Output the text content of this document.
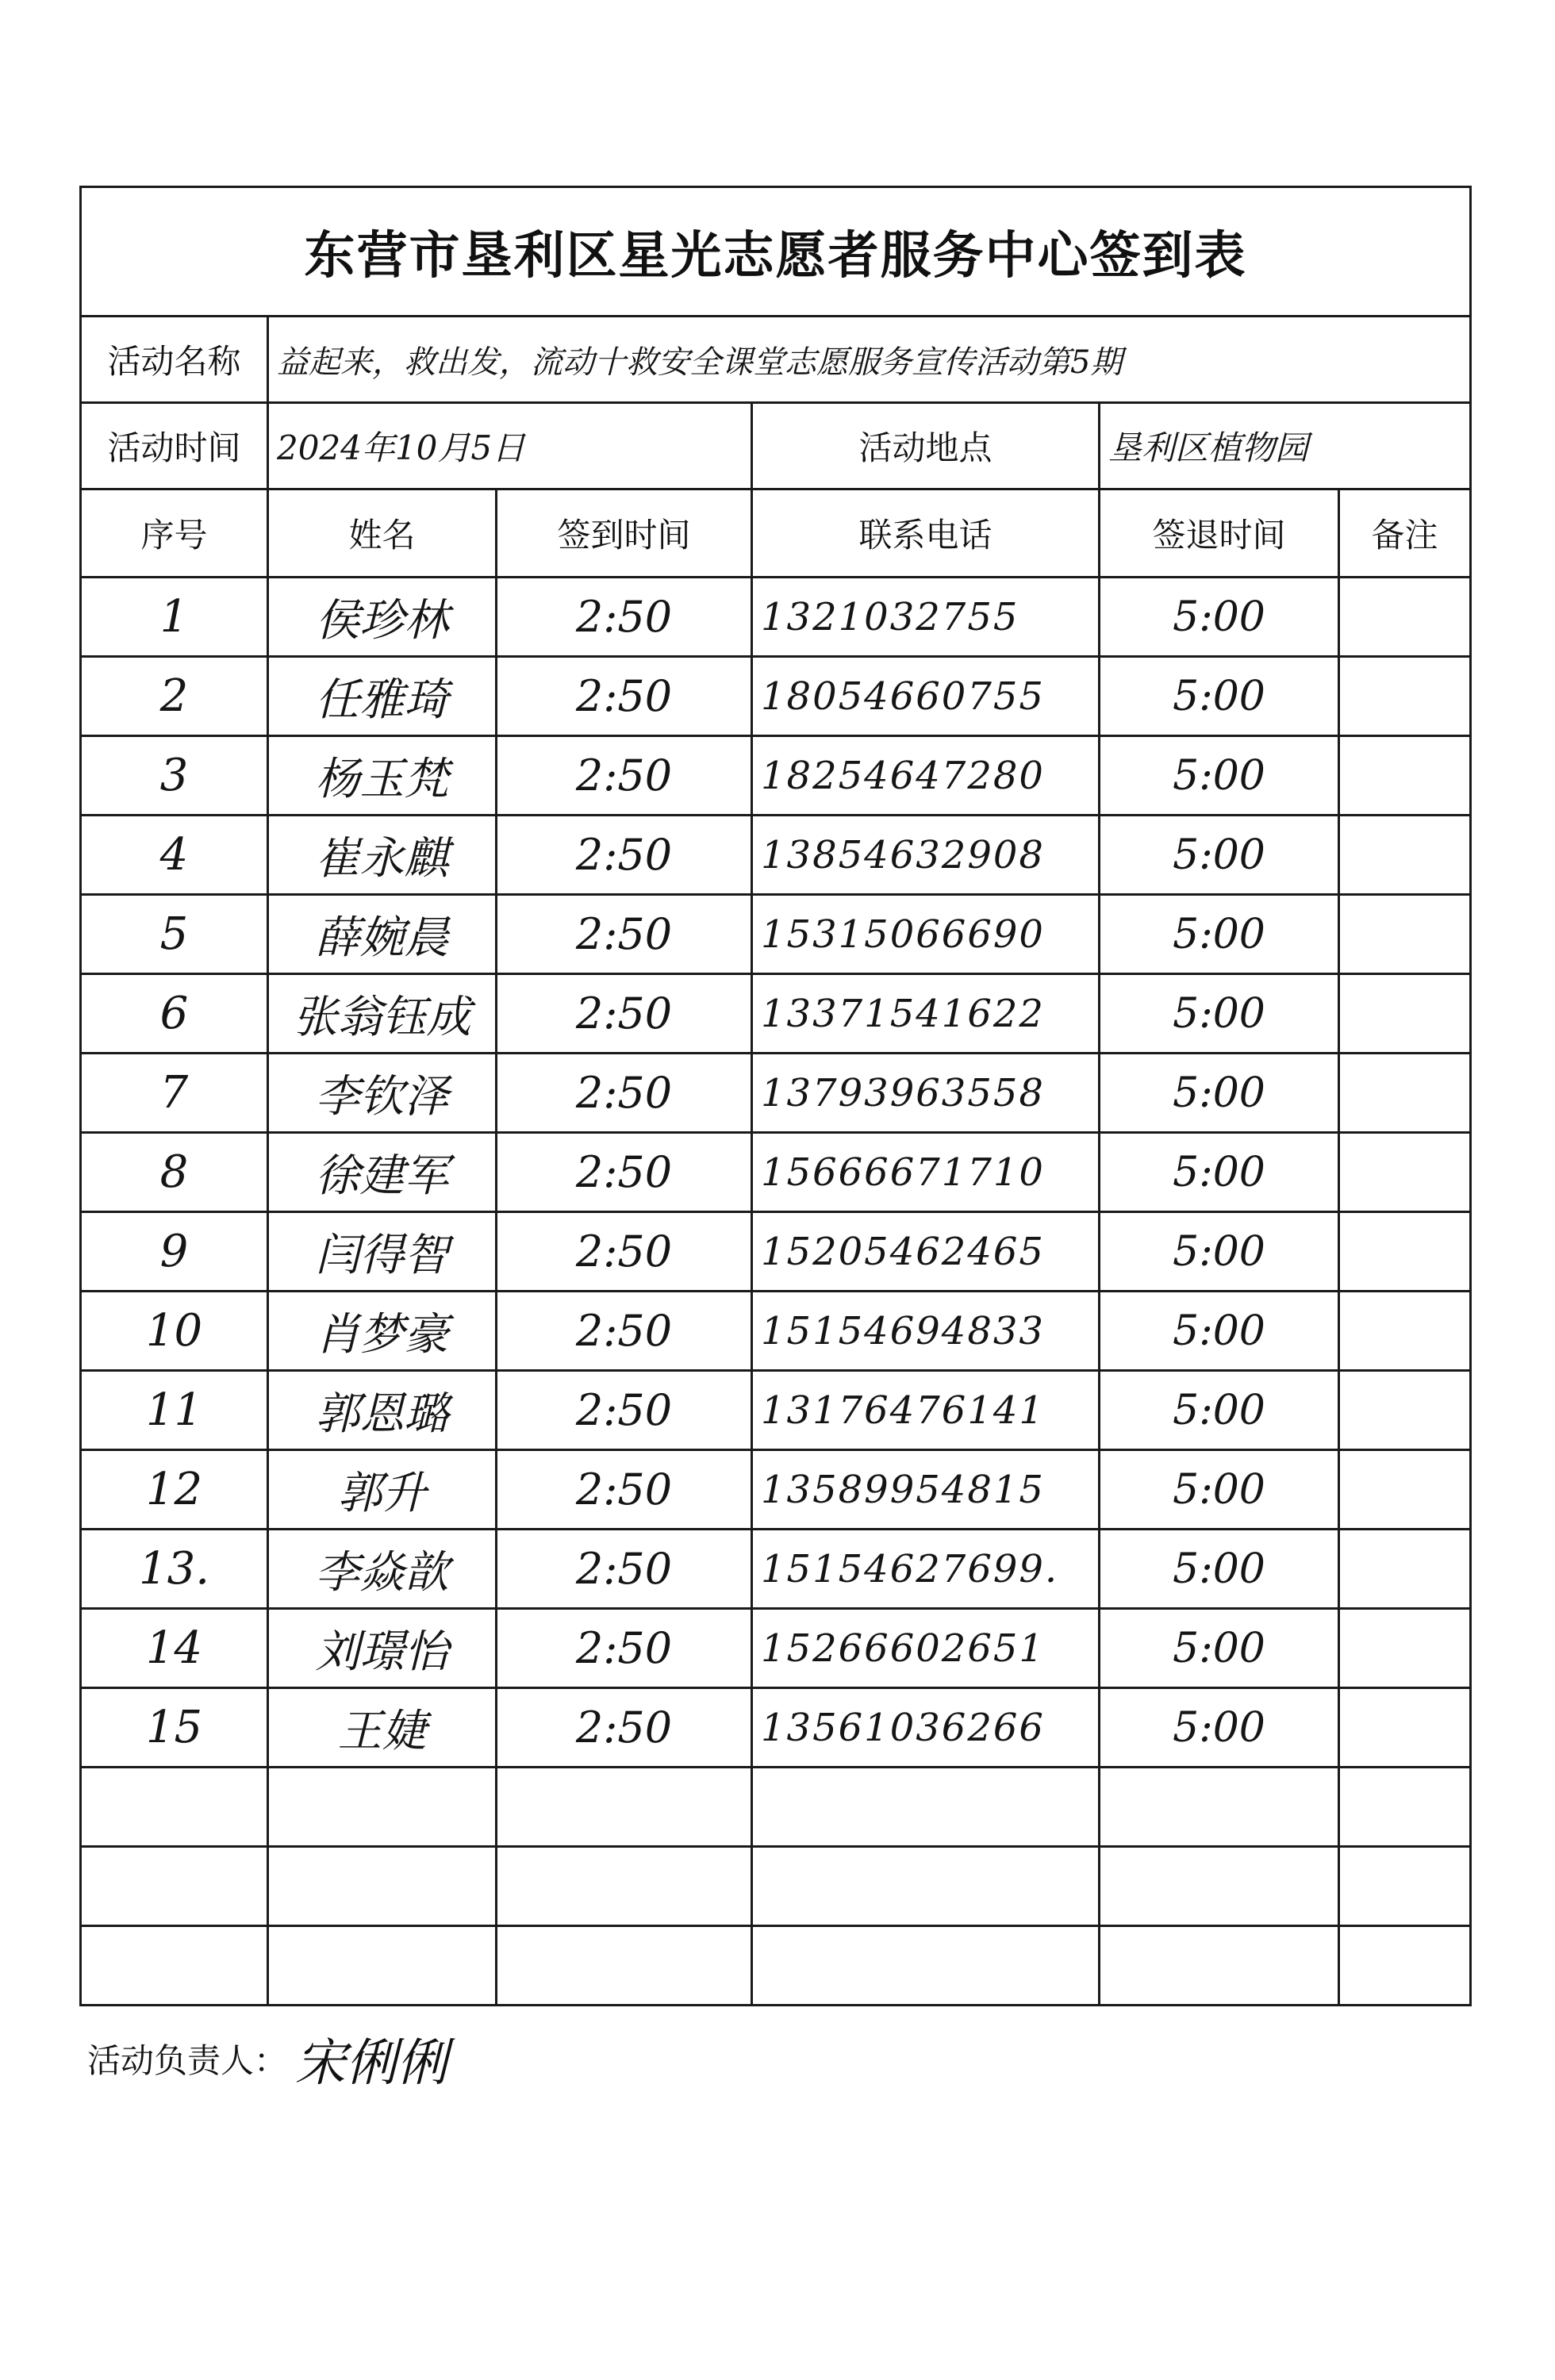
东营市垦利区星光志愿者服务中心签到表					
活动名称	益起来，救出发，流动十救安全课堂志愿服务宣传活动第5期				
活动时间	2024年10月5日		活动地点	垦利区植物园	
序号	姓名	签到时间	联系电话	签退时间	备注
1	侯珍林	2:50	1321032755	5:00	
2	任雅琦	2:50	18054660755	5:00	
3	杨玉梵	2:50	18254647280	5:00	
4	崔永麒	2:50	13854632908	5:00	
5	薛婉晨	2:50	15315066690	5:00	
6	张翁钰成	2:50	13371541622	5:00	
7	李钦泽	2:50	13793963558	5:00	
8	徐建军	2:50	15666671710	5:00	
9	闫得智	2:50	15205462465	5:00	
10	肖梦豪	2:50	15154694833	5:00	
11	郭恩璐	2:50	13176476141	5:00	
12	郭升	2:50	13589954815	5:00	
13.	李焱歆	2:50	15154627699.	5:00	
14	刘璟怡	2:50	15266602651	5:00	
15	王婕	2:50	13561036266	5:00	

活动负责人： 宋俐俐
